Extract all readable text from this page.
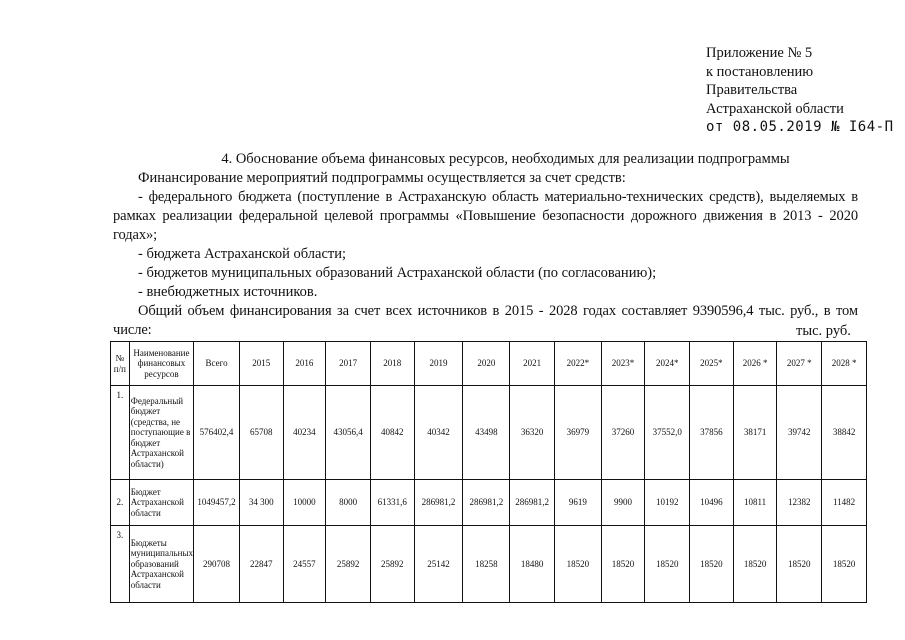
Приложение № 5
к постановлению
Правительства
Астраханской области
от 08.05.2019 № I64-П

4. Обоснование объема финансовых ресурсов, необходимых для реализации подпрограммы

Финансирование мероприятий подпрограммы осуществляется за счет средств:

- федерального бюджета (поступление в Астраханскую область материально-технических средств), выделяемых в рамках реализации федеральной целевой программы «Повышение безопасности дорожного движения в 2013 - 2020 годах»;

- бюджета Астраханской области;

- бюджетов муниципальных образований Астраханской области (по согласованию);

- внебюджетных источников.

Общий объем финансирования за счет всех источников в 2015 - 2028 годах составляет 9390596,4 тыс. руб., в том числе:	тыс. руб.
№ п/п	Наименование финансовых ресурсов	Всего	2015	2016	2017	2018	2019	2020	2021	2022*	2023*	2024*	2025*	2026 *	2027 *	2028 *
1.	Федеральный бюджет (средства, не поступающие в бюджет Астраханской области)	576402,4	65708	40234	43056,4	40842	40342	43498	36320	36979	37260	37552,0	37856	38171	39742	38842
2.	Бюджет Астраханской области	1049457,2	34 300	10000	8000	61331,6	286981,2	286981,2	286981,2	9619	9900	10192	10496	10811	12382	11482
3.	Бюджеты муниципальных образований Астраханской области	290708	22847	24557	25892	25892	25142	18258	18480	18520	18520	18520	18520	18520	18520	18520
